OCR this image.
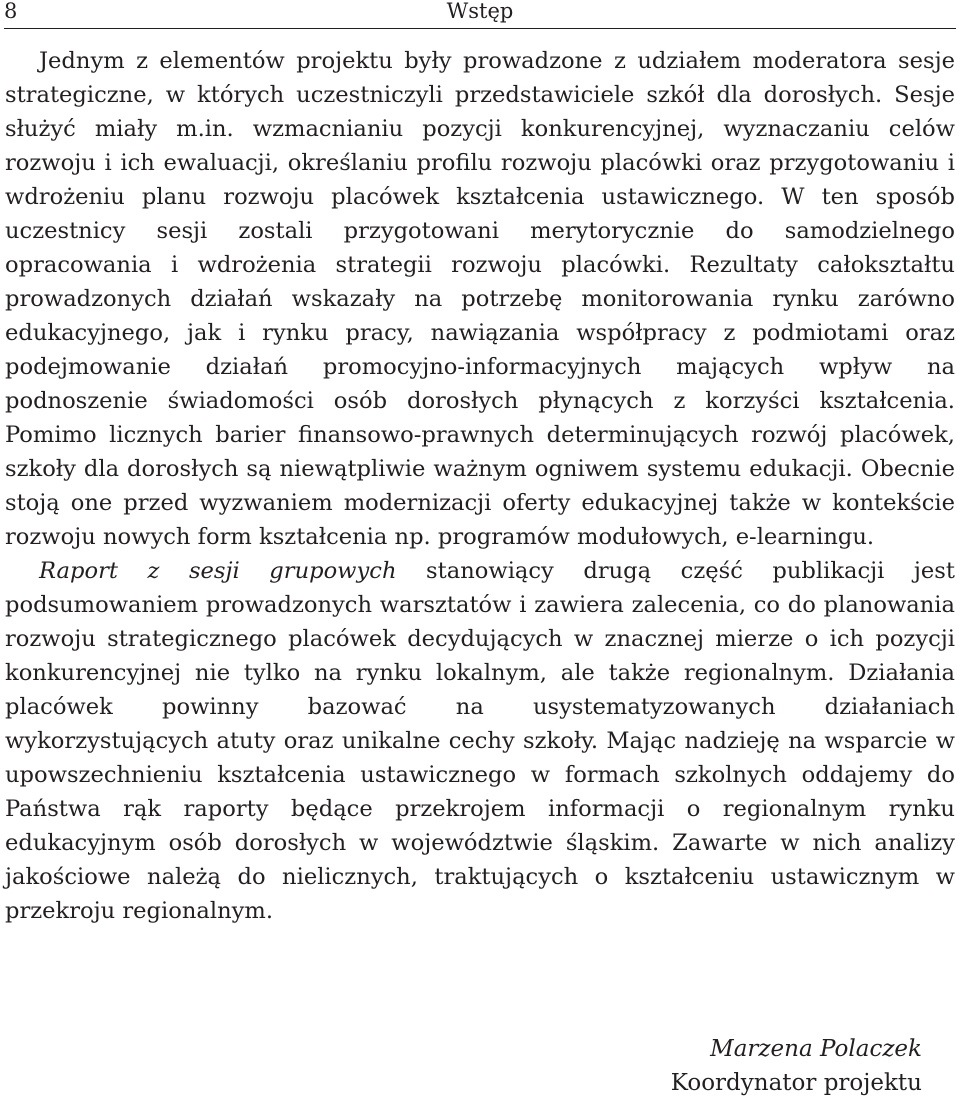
8	Wstęp

Jednym z elementów projektu były prowadzone z udziałem moderatora sesje strategiczne, w których uczestniczyli przedstawiciele szkół dla dorosłych. Sesje służyć miały m.in. wzmacnianiu pozycji konkurencyjnej, wyznaczaniu celów rozwoju i ich ewaluacji, określaniu profilu rozwoju placówki oraz przygotowaniu i wdrożeniu planu rozwoju placówek kształcenia ustawicznego. W ten sposób uczestnicy sesji zostali przygotowani merytorycznie do samodzielnego opracowania i wdrożenia strategii rozwoju placówki. Rezultaty całokształtu prowadzonych działań wskazały na potrzebę monitorowania rynku zarówno edukacyjnego, jak i rynku pracy, nawiązania współpracy z podmiotami oraz podejmowanie działań promocyjno-informacyjnych mających wpływ na podnoszenie świadomości osób dorosłych płynących z korzyści kształcenia. Pomimo licznych barier finansowo-prawnych determinujących rozwój placówek, szkoły dla dorosłych są niewątpliwie ważnym ogniwem systemu edukacji. Obecnie stoją one przed wyzwaniem modernizacji oferty edukacyjnej także w kontekście rozwoju nowych form kształcenia np. programów modułowych, e-learningu.

Raport z sesji grupowych stanowiący drugą część publikacji jest podsumowaniem prowadzonych warsztatów i zawiera zalecenia, co do planowania rozwoju strategicznego placówek decydujących w znacznej mierze o ich pozycji konkurencyjnej nie tylko na rynku lokalnym, ale także regionalnym. Działania placówek powinny bazować na usystematyzowanych działaniach wykorzystujących atuty oraz unikalne cechy szkoły. Mając nadzieję na wsparcie w upowszechnieniu kształcenia ustawicznego w formach szkolnych oddajemy do Państwa rąk raporty będące przekrojem informacji o regionalnym rynku edukacyjnym osób dorosłych w województwie śląskim. Zawarte w nich analizy jakościowe należą do nielicznych, traktujących o kształceniu ustawicznym w przekroju regionalnym.

Marzena Polaczek
Koordynator projektu
